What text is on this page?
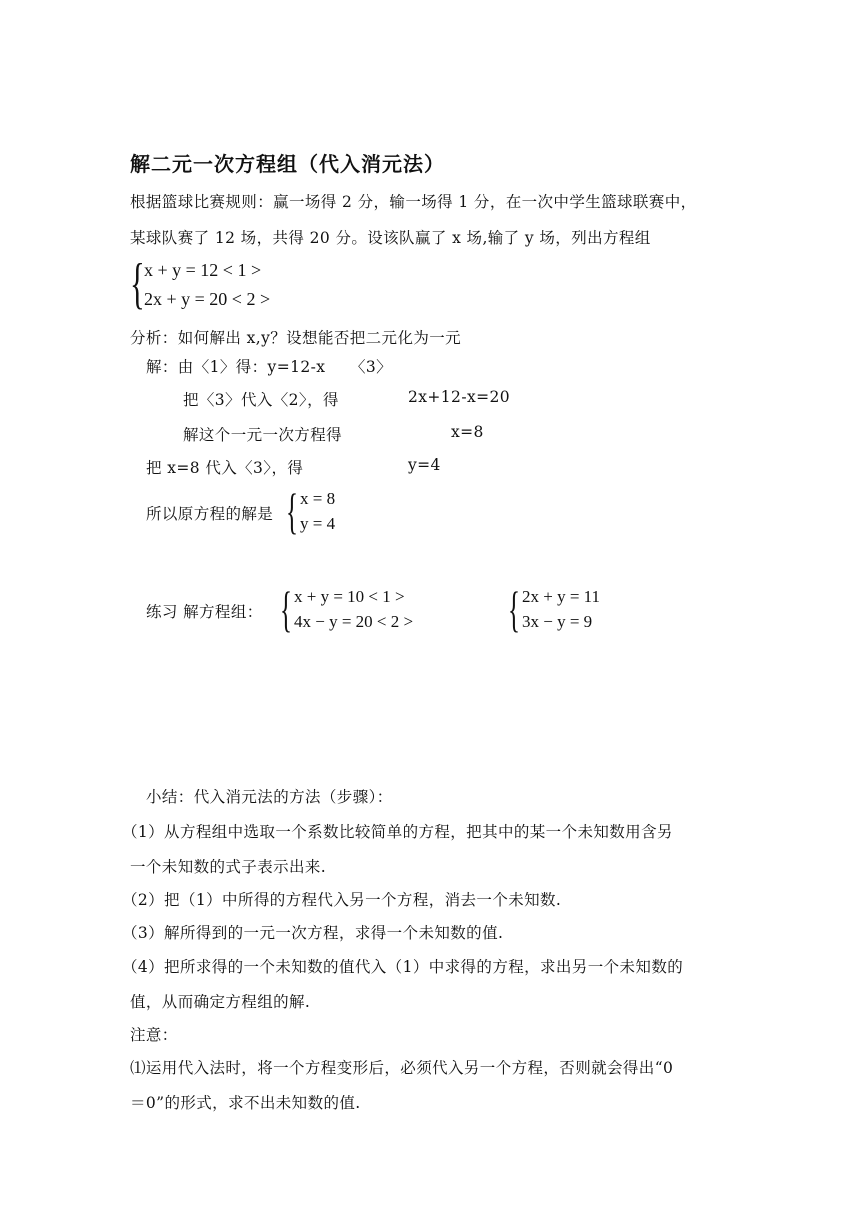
解二元一次方程组（代入消元法）
根据篮球比赛规则：赢一场得 2 分，输一场得 1 分，在一次中学生篮球联赛中，
某球队赛了 12 场，共得 20 分。设该队赢了 x 场,输了 y 场，列出方程组
{ x + y = 12 < 1 >
2x + y = 20 < 2 >
分析：如何解出 x,y？设想能否把二元化为一元
解：由〈1〉得：y=12-x 〈3〉
把〈3〉代入〈2〉，得	2x+12-x=20
解这个一元一次方程得	x=8
把 x=8 代入〈3〉，得	y=4
所以原方程的解是 { x = 8
y = 4
练习 解方程组： { x + y = 10 < 1 >
4x − y = 20 < 2 > { 2x + y = 11
3x − y = 9
小结：代入消元法的方法（步骤）：
（1）从方程组中选取一个系数比较简单的方程，把其中的某一个未知数用含另
一个未知数的式子表示出来.
（2）把（1）中所得的方程代入另一个方程，消去一个未知数.
（3）解所得到的一元一次方程，求得一个未知数的值.
（4）把所求得的一个未知数的值代入（1）中求得的方程，求出另一个未知数的
值，从而确定方程组的解.
注意：
⑴运用代入法时，将一个方程变形后，必须代入另一个方程，否则就会得出“0
＝0”的形式，求不出未知数的值.
